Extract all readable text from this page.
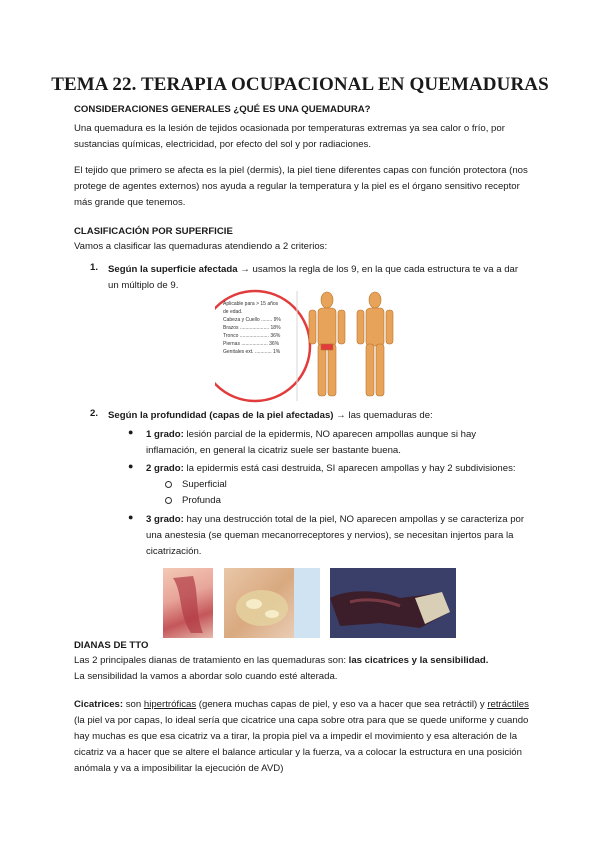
TEMA 22. TERAPIA OCUPACIONAL EN QUEMADURAS
CONSIDERACIONES GENERALES ¿QUÉ ES UNA QUEMADURA?
Una quemadura es la lesión de tejidos ocasionada por temperaturas extremas ya sea calor o frío, por sustancias químicas, electricidad, por efecto del sol y por radiaciones.
El tejido que primero se afecta es la piel (dermis), la piel tiene diferentes capas con función protectora (nos protege de agentes externos) nos ayuda a regular la temperatura y la piel es el órgano sensitivo receptor más grande que tenemos.
CLASIFICACIÓN POR SUPERFICIE
Vamos a clasificar las quemaduras atendiendo a 2 criterios:
1. Según la superficie afectada → usamos la regla de los 9, en la que cada estructura te va a dar un múltiplo de 9.
Aplicable para > 15 años
de edad.
Cabeza y Cuello ........ 9%
Brazos ..................... 18%
Tronco ..................... 36%
Piernas ................... 36%
Genitales ext. ............ 1%
2. Según la profundidad (capas de la piel afectadas) → las quemaduras de:
● 1 grado: lesión parcial de la epidermis, NO aparecen ampollas aunque si hay inflamación, en general la cicatriz suele ser bastante buena.
● 2 grado: la epidermis está casi destruida, SI aparecen ampollas y hay 2 subdivisiones:
Superficial
Profunda
● 3 grado: hay una destrucción total de la piel, NO aparecen ampollas y se caracteriza por una anestesia (se queman mecanorreceptores y nervios), se necesitan injertos para la cicatrización.
DIANAS DE TTO
Las 2 principales dianas de tratamiento en las quemaduras son: las cicatrices y la sensibilidad.
La sensibilidad la vamos a abordar solo cuando esté alterada.
Cicatrices: son hipertróficas (genera muchas capas de piel, y eso va a hacer que sea retráctil) y retráctiles (la piel va por capas, lo ideal sería que cicatrice una capa sobre otra para que se quede uniforme y cuando hay muchas es que esa cicatriz va a tirar, la propia piel va a impedir el movimiento y esa alteración de la cicatriz va a hacer que se altere el balance articular y la fuerza, va a colocar la estructura en una posición anómala y va a imposibilitar la ejecución de AVD)
